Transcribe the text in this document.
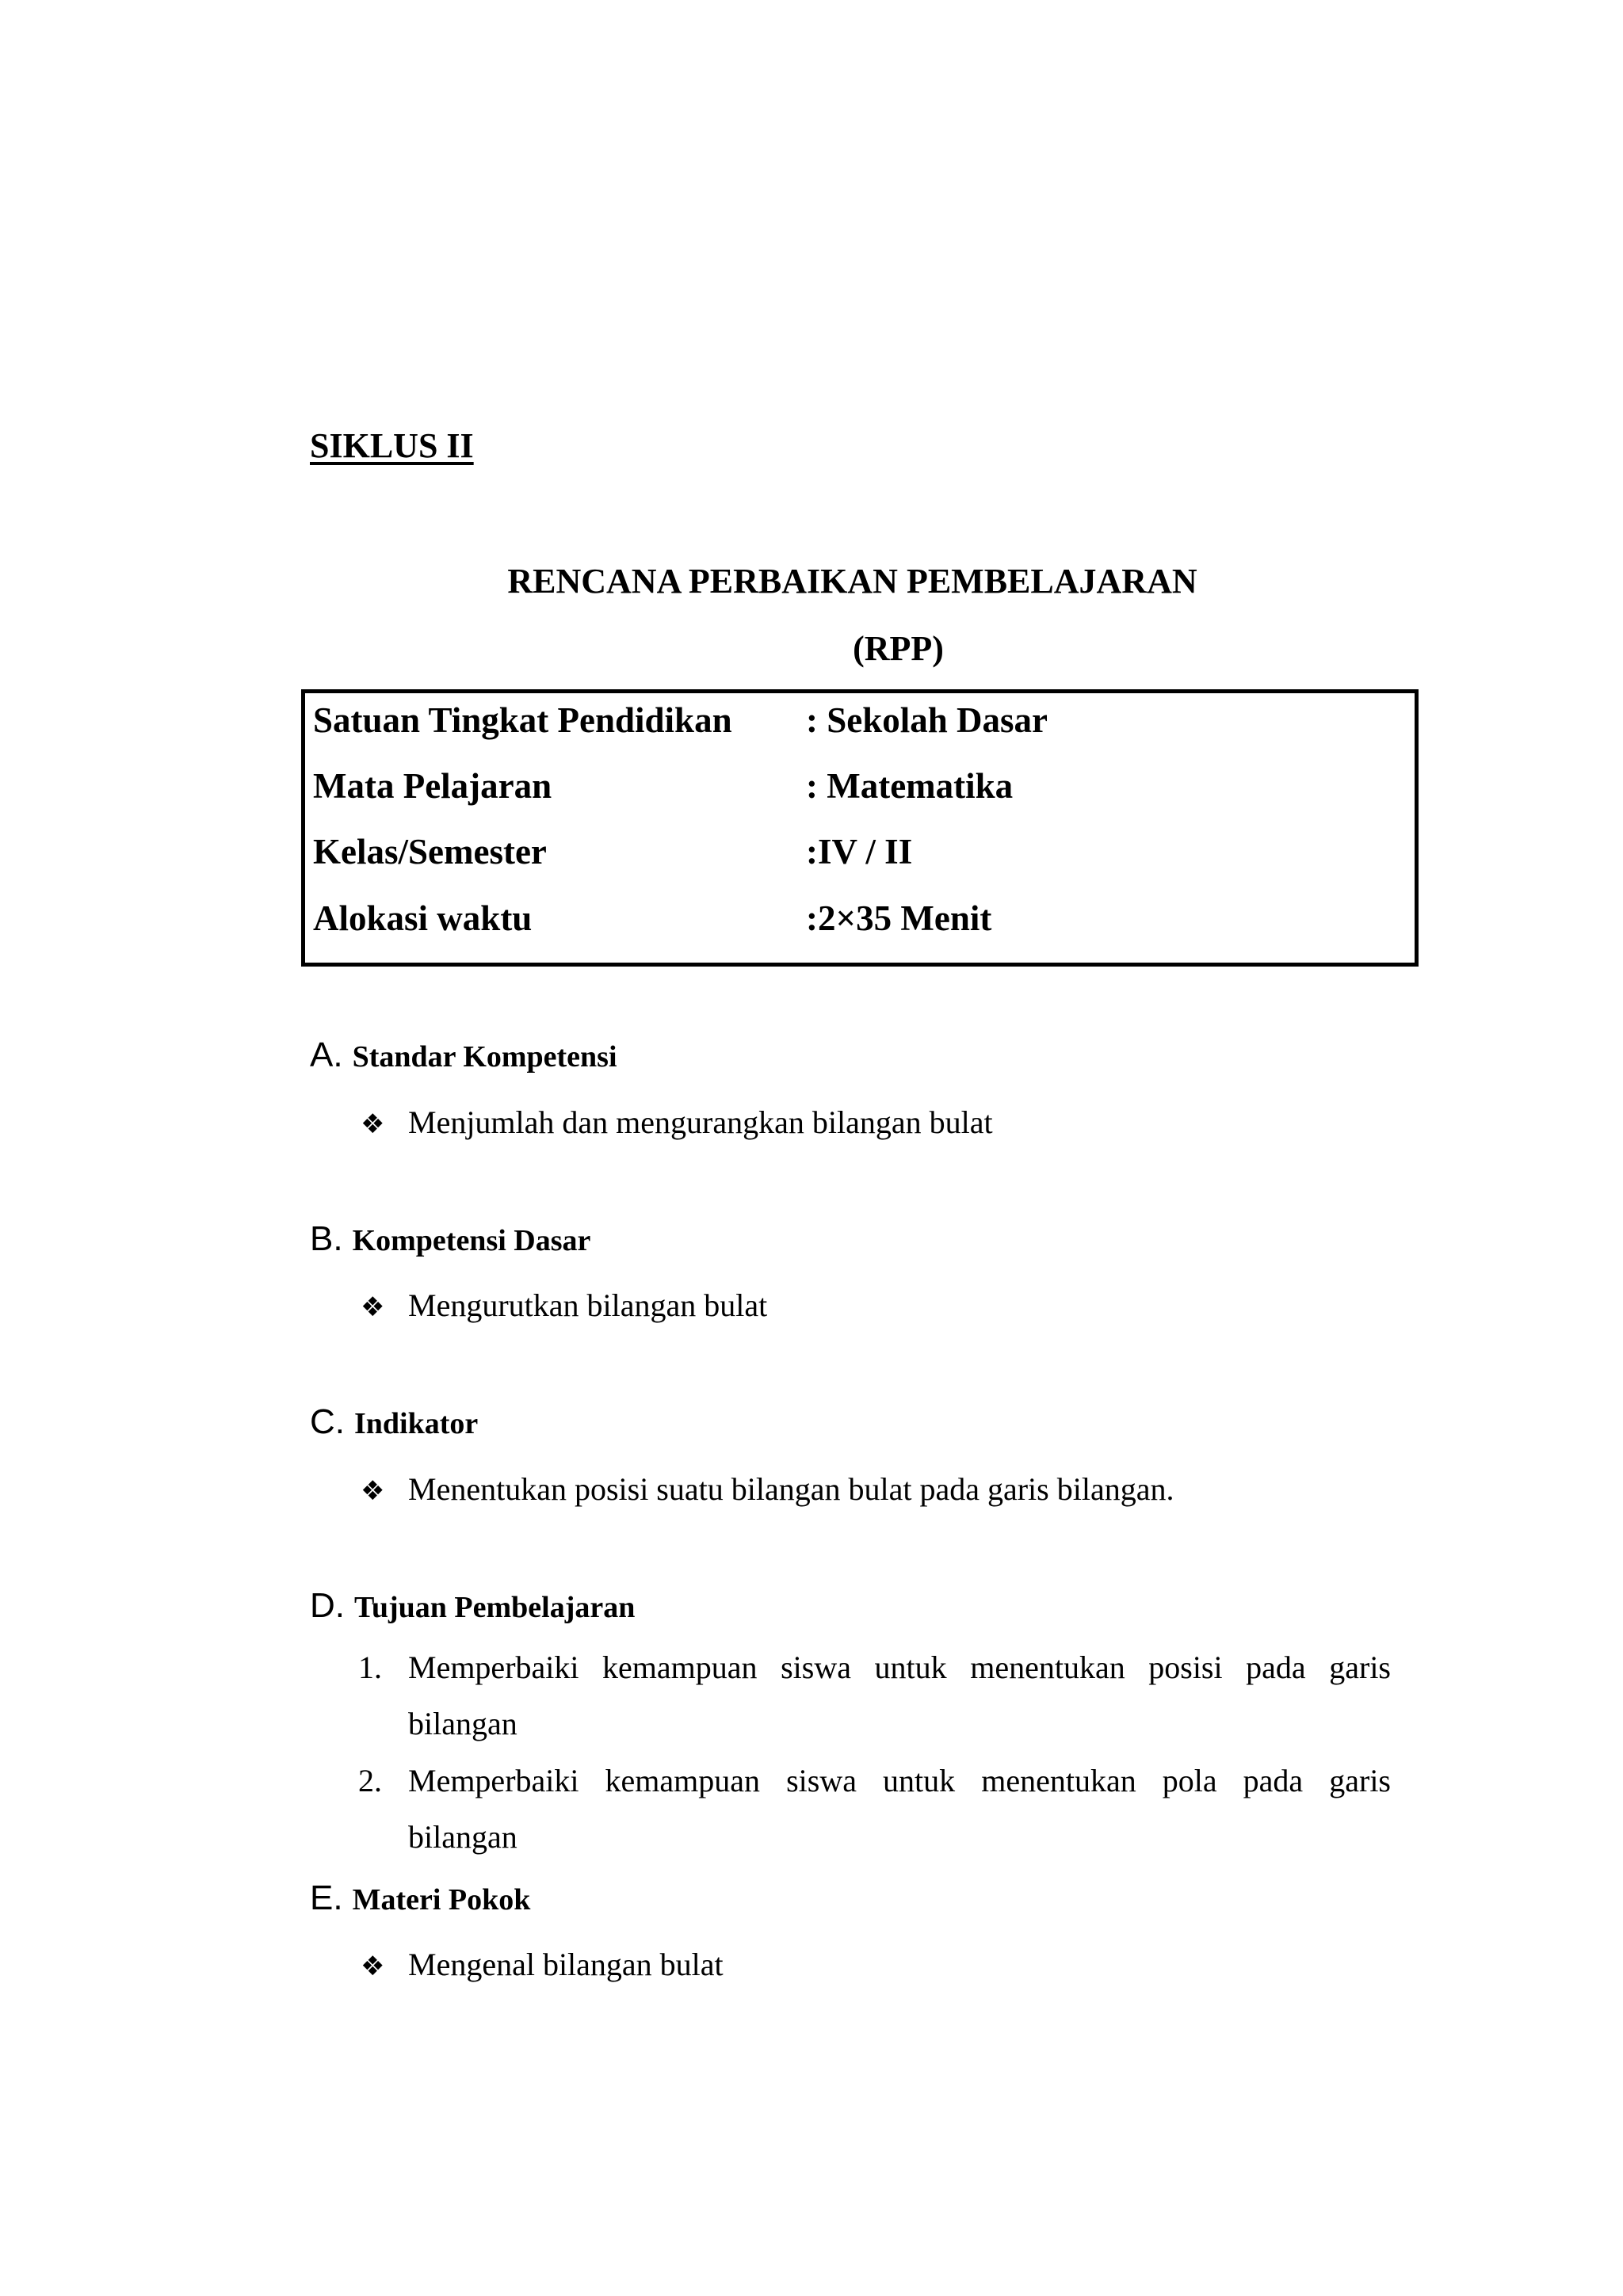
SIKLUS II
RENCANA PERBAIKAN PEMBELAJARAN
(RPP)
Satuan Tingkat Pendidikan : Sekolah Dasar
Mata Pelajaran	: Matematika
Kelas/Semester	:IV / II
Alokasi waktu	:2×35 Menit
A. Standar Kompetensi
❖ Menjumlah dan mengurangkan bilangan bulat
B. Kompetensi Dasar
❖ Mengurutkan bilangan bulat
C. Indikator
❖ Menentukan posisi suatu bilangan bulat pada garis bilangan.
D. Tujuan Pembelajaran
1. Memperbaiki kemampuan siswa untuk menentukan posisi pada garis
bilangan
2. Memperbaiki kemampuan siswa untuk menentukan pola pada garis
bilangan
E. Materi Pokok
❖ Mengenal bilangan bulat
